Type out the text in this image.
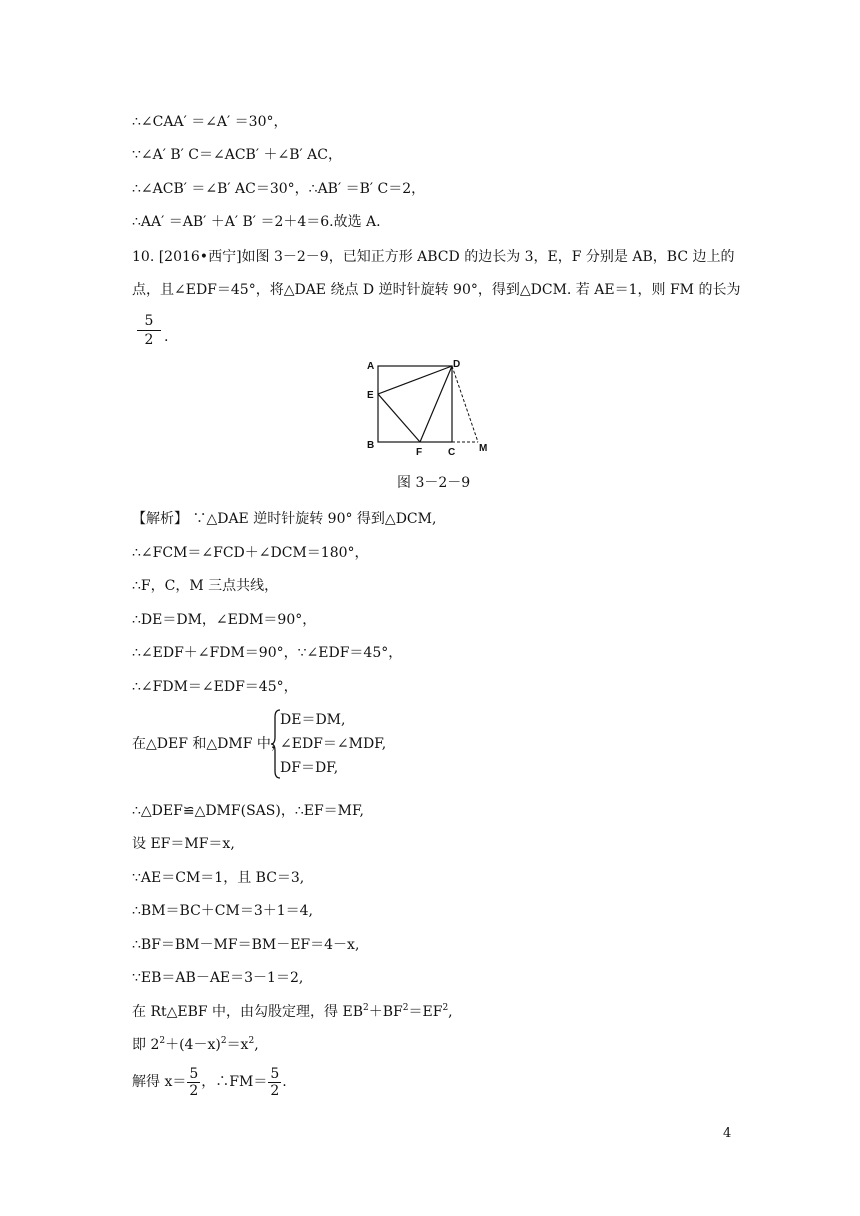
∴∠CAA′ ＝∠A′ ＝30°，
∵∠A′ B′ C＝∠ACB′ ＋∠B′ AC，
∴∠ACB′ ＝∠B′ AC＝30°，∴AB′ ＝B′ C＝2，
∴AA′ ＝AB′ ＋A′ B′ ＝2＋4＝6.故选 A.
10. [2016•西宁]如图 3－2－9，已知正方形 ABCD 的边长为 3，E，F 分别是 AB，BC 边上的
点，且∠EDF＝45°，将△DAE 绕点 D 逆时针旋转 90°，得到△DCM. 若 AE＝1，则 FM 的长为
$\frac{5}{2}$ .
A
E
B
F	C
D
M
图 3－2－9
【解析】 ∵△DAE 逆时针旋转 90° 得到△DCM,
∴∠FCM＝∠FCD＋∠DCM＝180°，
∴F，C，M 三点共线，
∴DE＝DM，∠EDM＝90°，
∴∠EDF＋∠FDM＝90°，∵∠EDF＝45°，
∴∠FDM＝∠EDF＝45°，
在△DEF 和△DMF 中，
DE＝DM,
∠EDF＝∠MDF,
DF＝DF,
∴△DEF≌△DMF(SAS)，∴EF＝MF,
设 EF＝MF＝x,
∵AE＝CM＝1，且 BC＝3,
∴BM＝BC＋CM＝3＋1＝4,
∴BF＝BM－MF＝BM－EF＝4－x,
∵EB＝AB－AE＝3－1＝2,
在 Rt△EBF 中，由勾股定理，得 $EB^2+BF^2=EF^2$,
即 $2^2+(4-x)^2=x^2$,
解得 $x= \frac{5}{2}$ ，∴FM＝ $\frac{5}{2}$ .
4
